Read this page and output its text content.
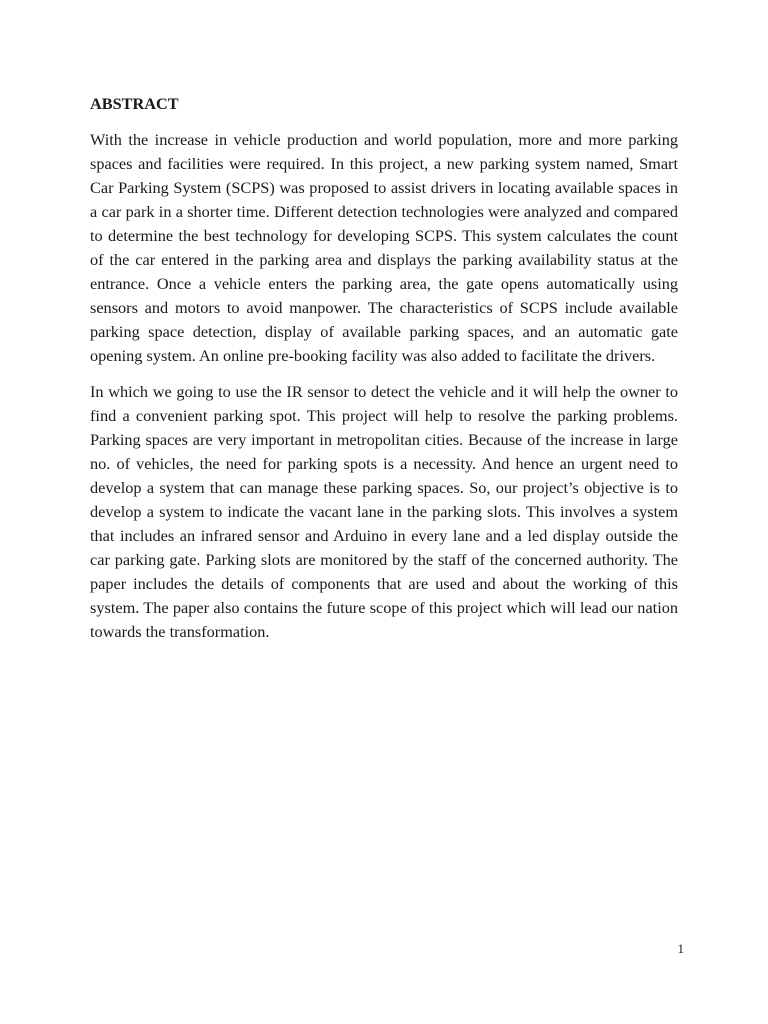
ABSTRACT

With the increase in vehicle production and world population, more and more parking spaces and facilities were required. In this project, a new parking system named, Smart Car Parking System (SCPS) was proposed to assist drivers in locating available spaces in a car park in a shorter time. Different detection technologies were analyzed and compared to determine the best technology for developing SCPS. This system calculates the count of the car entered in the parking area and displays the parking availability status at the entrance. Once a vehicle enters the parking area, the gate opens automatically using sensors and motors to avoid manpower. The characteristics of SCPS include available parking space detection, display of available parking spaces, and an automatic gate opening system. An online pre-booking facility was also added to facilitate the drivers.

In which we going to use the IR sensor to detect the vehicle and it will help the owner to find a convenient parking spot. This project will help to resolve the parking problems. Parking spaces are very important in metropolitan cities. Because of the increase in large no. of vehicles, the need for parking spots is a necessity. And hence an urgent need to develop a system that can manage these parking spaces. So, our project’s objective is to develop a system to indicate the vacant lane in the parking slots. This involves a system that includes an infrared sensor and Arduino in every lane and a led display outside the car parking gate. Parking slots are monitored by the staff of the concerned authority. The paper includes the details of components that are used and about the working of this system. The paper also contains the future scope of this project which will lead our nation towards the transformation.

1
